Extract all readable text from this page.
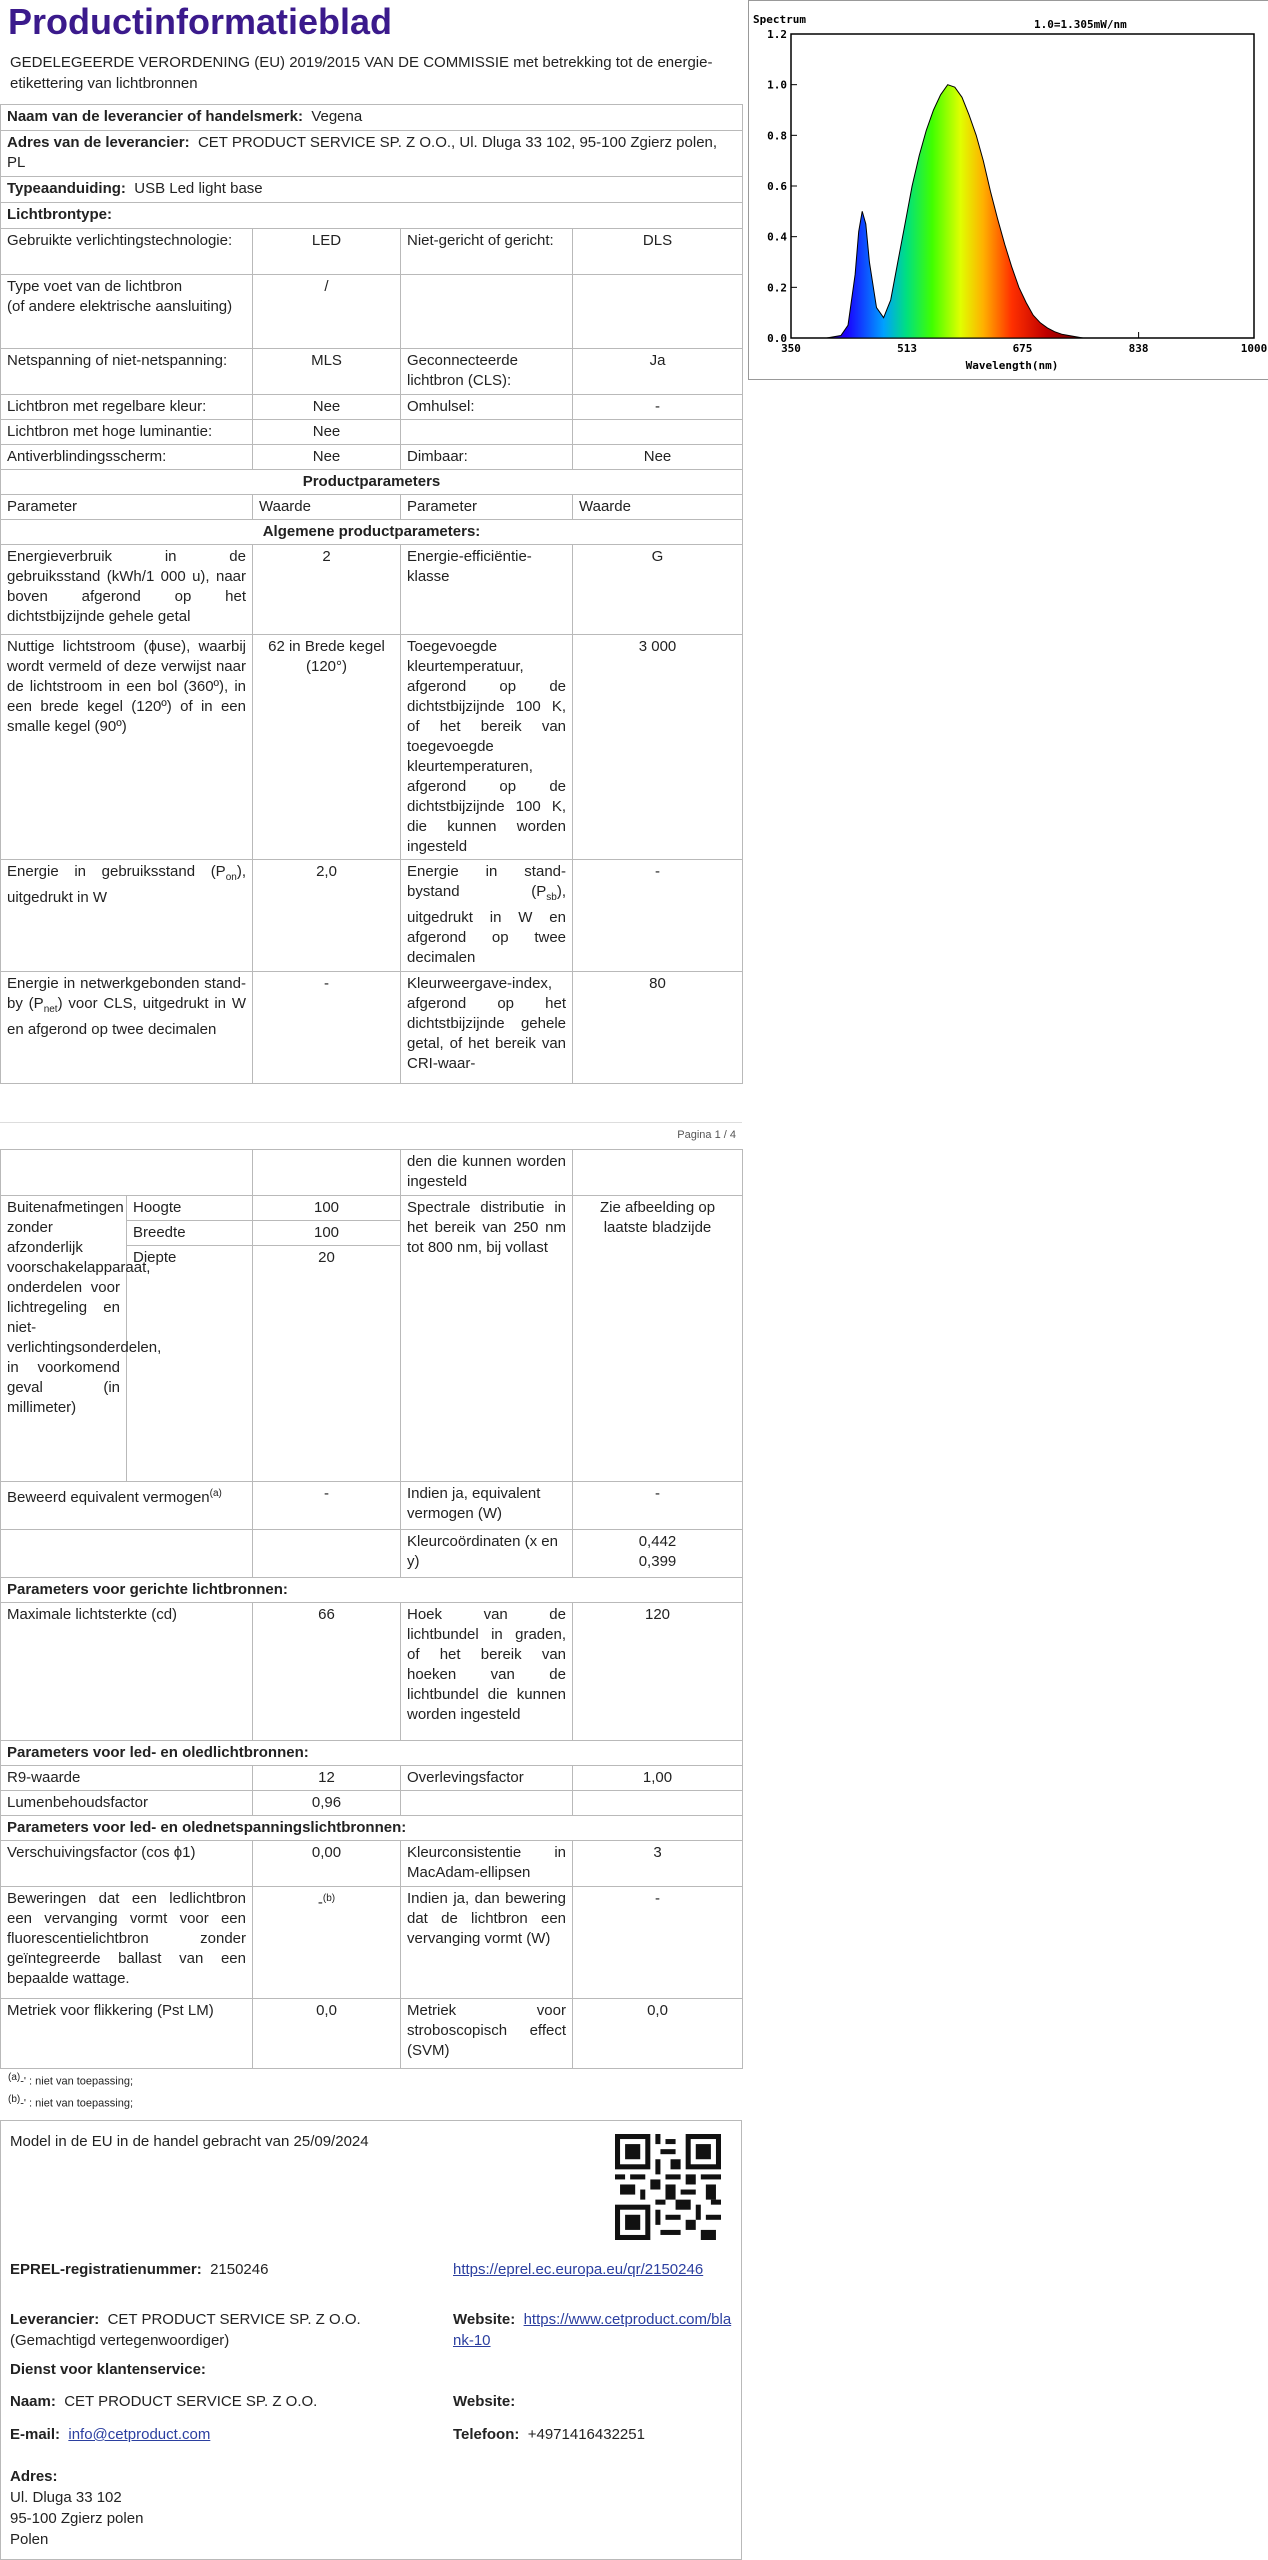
Productinformatieblad
GEDELEGEERDE VERORDENING (EU) 2019/2015 VAN DE COMMISSIE met betrekking tot de energie-etikettering van lichtbronnen
Naam van de leverancier of handelsmerk: Vegena			
Adres van de leverancier: CET PRODUCT SERVICE SP. Z O.O., Ul. Dluga 33 102, 95-100 Zgierz polen, PL			
Typeaanduiding: USB Led light base			
Lichtbrontype:			
Gebruikte verlichtingstechnologie:	LED	Niet-gericht of gericht:	DLS
Type voet van de lichtbron
(of andere elektrische aansluiting)	/		
Netspanning of niet-netspanning:	MLS	Geconnecteerde lichtbron (CLS):	Ja
Lichtbron met regelbare kleur:	Nee	Omhulsel:	-
Lichtbron met hoge luminantie:	Nee		
Antiverblindingsscherm:	Nee	Dimbaar:	Nee
Productparameters			
Parameter	Waarde	Parameter	Waarde
Algemene productparameters:			
Energieverbruik in de gebruiksstand (kWh/1 000 u), naar boven afgerond op het dichtstbijzijnde gehele getal	2	Energie-efficiëntie-klasse	G
Nuttige lichtstroom (ϕuse), waarbij wordt vermeld of deze verwijst naar de lichtstroom in een bol (360º), in een brede kegel (120º) of in een smalle kegel (90º)	62 in Brede kegel (120°)	Toegevoegde kleurtemperatuur, afgerond op de dichtstbijzijnde 100 K, of het bereik van toegevoegde kleurtemperaturen, afgerond op de dichtstbijzijnde 100 K, die kunnen worden ingesteld	3 000
Energie in gebruiksstand $(P_{on})$, uitgedrukt in W	2,0	Energie in stand-bystand $(P_{sb})$, uitgedrukt in W en afgerond op twee decimalen	-
Energie in netwerkgebonden stand-by $(P_{net})$ voor CLS, uitgedrukt in W en afgerond op twee decimalen	-	Kleurweergave-index, afgerond op het dichtstbijzijnde gehele getal, of het bereik van CRI-waar-	80
Pagina 1 / 4
			den die kunnen worden ingesteld	
Buitenafmetingen zonder afzonderlijk voorschakelapparaat, onderdelen voor lichtregeling en niet-verlichtingsonderdelen, in voorkomend geval (in millimeter)	Hoogte	100	Spectrale distributie in het bereik van 250 nm tot 800 nm, bij vollast	Zie afbeelding op laatste bladzijde
	Breedte	100		
	Diepte	20		
Beweerd equivalent vermogen$^{(a)}$		-	Indien ja, equivalent vermogen (W)	-
			Kleurcoördinaten (x en y)	0,442
0,399

Parameters voor gerichte lichtbronnen:				
Maximale lichtsterkte (cd)		66	Hoek van de lichtbundel in graden, of het bereik van hoeken van de lichtbundel die kunnen worden ingesteld	120
Parameters voor led- en oledlichtbronnen:				
R9-waarde		12	Overlevingsfactor	1,00
Lumenbehoudsfactor		0,96		
Parameters voor led- en olednetspanningslichtbronnen:				
Verschuivingsfactor (cos ϕ1)		0,00	Kleurconsistentie in MacAdam-ellipsen	3
Beweringen dat een ledlichtbron een vervanging vormt voor een fluorescentielichtbron zonder geïntegreerde ballast van een bepaalde wattage.		-$^{(b)}$	Indien ja, dan bewering dat de lichtbron een vervanging vormt (W)	-
Metriek voor flikkering (Pst LM)		0,0	Metriek voor stroboscopisch effect (SVM)	0,0
$^{(a)}$-' : niet van toepassing;
$^{(b)}$-' : niet van toepassing;
Model in de EU in de handel gebracht van 25/09/2024
EPREL-registratienummer: 2150246	https://eprel.ec.europa.eu/qr/2150246
Leverancier: CET PRODUCT SERVICE SP. Z O.O. (Gemachtigd vertegenwoordiger)
Website: https://www.cetproduct.com/blank-10
Dienst voor klantenservice:
Naam: CET PRODUCT SERVICE SP. Z O.O.	Website:
E-mail: info@cetproduct.com	Telefoon: +4971416432251
Adres:
Ul. Dluga 33 102
95-100 Zgierz polen
Polen
Spectrum	1.0=1.305mW/nm
0.0
0.2
0.4
0.6
0.8
1.0
1.2
350	513	675	838	1000
Wavelength(nm)
